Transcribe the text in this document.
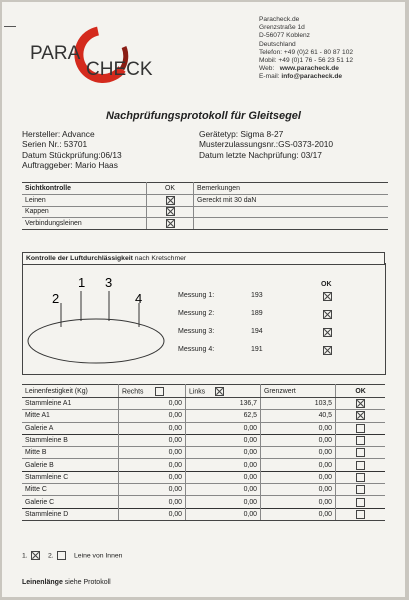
PARA
CHECK
Paracheck.de
Grenzstraße 1d
D-56077 Koblenz
Deutschland
Telefon: +49 (0)2 61 - 80 87 102
Mobil: +49 (0)1 76 - 56 23 51 12
Web: www.paracheck.de
E-mail: info@paracheck.de
Nachprüfungsprotokoll für Gleitsegel
Hersteller: Advance
Serien Nr.: 53701
Datum Stückprüfung:06/13
Auftraggeber: Mario Haas
Gerätetyp: Sigma 8-27
Musterzulassungsnr.:GS-0373-2010
Datum letzte Nachprüfung: 03/17
Sichtkontrolle	OK	Bemerkungen
Leinen		Gereckt mit 30 daN
Kappen		
Verbindungsleinen		
Kontrolle der Luftdurchlässigkeit nach Kretschmer
1
2
3
4
OK
Messung 1:	193
Messung 2:	189
Messung 3:	194
Messung 4:	191
Leinenfestigkeit (Kg)	Rechts	Links	Grenzwert	OK
Stammleine A1	0,00	136,7	103,5	
Mitte A1	0,00	62,5	40,5	
Galerie A	0,00	0,00	0,00	
Stammleine B	0,00	0,00	0,00	
Mitte B	0,00	0,00	0,00	
Galerie B	0,00	0,00	0,00	
Stammleine C	0,00	0,00	0,00	
Mitte C	0,00	0,00	0,00	
Galerie C	0,00	0,00	0,00	
Stammleine D	0,00	0,00	0,00	
1.	2.	Leine von Innen
Leinenlänge siehe Protokoll
